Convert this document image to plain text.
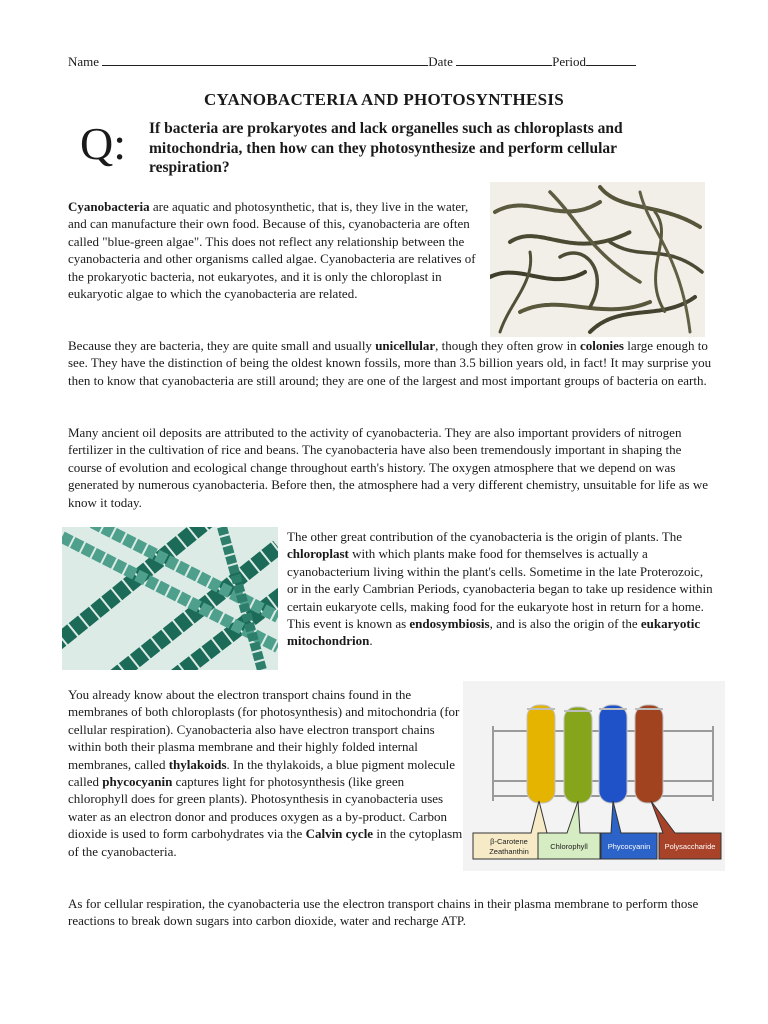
Name	Date	Period
CYANOBACTERIA AND PHOTOSYNTHESIS
Q: If bacteria are prokaryotes and lack organelles such as chloroplasts and mitochondria, then how can they photosynthesize and perform cellular respiration?
Cyanobacteria are aquatic and photosynthetic, that is, they live in the water, and can manufacture their own food. Because of this, cyanobacteria are often called "blue-green algae". This does not reflect any relationship between the cyanobacteria and other organisms called algae. Cyanobacteria are relatives of the prokaryotic bacteria, not eukaryotes, and it is only the chloroplast in eukaryotic algae to which the cyanobacteria are related.
Because they are bacteria, they are quite small and usually unicellular, though they often grow in colonies large enough to see. They have the distinction of being the oldest known fossils, more than 3.5 billion years old, in fact! It may surprise you then to know that cyanobacteria are still around; they are one of the largest and most important groups of bacteria on earth.
Many ancient oil deposits are attributed to the activity of cyanobacteria. They are also important providers of nitrogen fertilizer in the cultivation of rice and beans. The cyanobacteria have also been tremendously important in shaping the course of evolution and ecological change throughout earth's history. The oxygen atmosphere that we depend on was generated by numerous cyanobacteria. Before then, the atmosphere had a very different chemistry, unsuitable for life as we know it today.
The other great contribution of the cyanobacteria is the origin of plants. The chloroplast with which plants make food for themselves is actually a cyanobacterium living within the plant's cells. Sometime in the late Proterozoic, or in the early Cambrian Periods, cyanobacteria began to take up residence within certain eukaryote cells, making food for the eukaryote host in return for a home. This event is known as endosymbiosis, and is also the origin of the eukaryotic mitochondrion.
You already know about the electron transport chains found in the membranes of both chloroplasts (for photosynthesis) and mitochondria (for cellular respiration). Cyanobacteria also have electron transport chains within both their plasma membrane and their highly folded internal membranes, called thylakoids. In the thylakoids, a blue pigment molecule called phycocyanin captures light for photosynthesis (like green chlorophyll does for green plants). Photosynthesis in cyanobacteria uses water as an electron donor and produces oxygen as a by-product. Carbon dioxide is used to form carbohydrates via the Calvin cycle in the cytoplasm of the cyanobacteria.
β-Carotene
Zeathanthin
Chlorophyll	Phycocyanin Polysaccharide
As for cellular respiration, the cyanobacteria use the electron transport chains in their plasma membrane to perform those reactions to break down sugars into carbon dioxide, water and recharge ATP.
